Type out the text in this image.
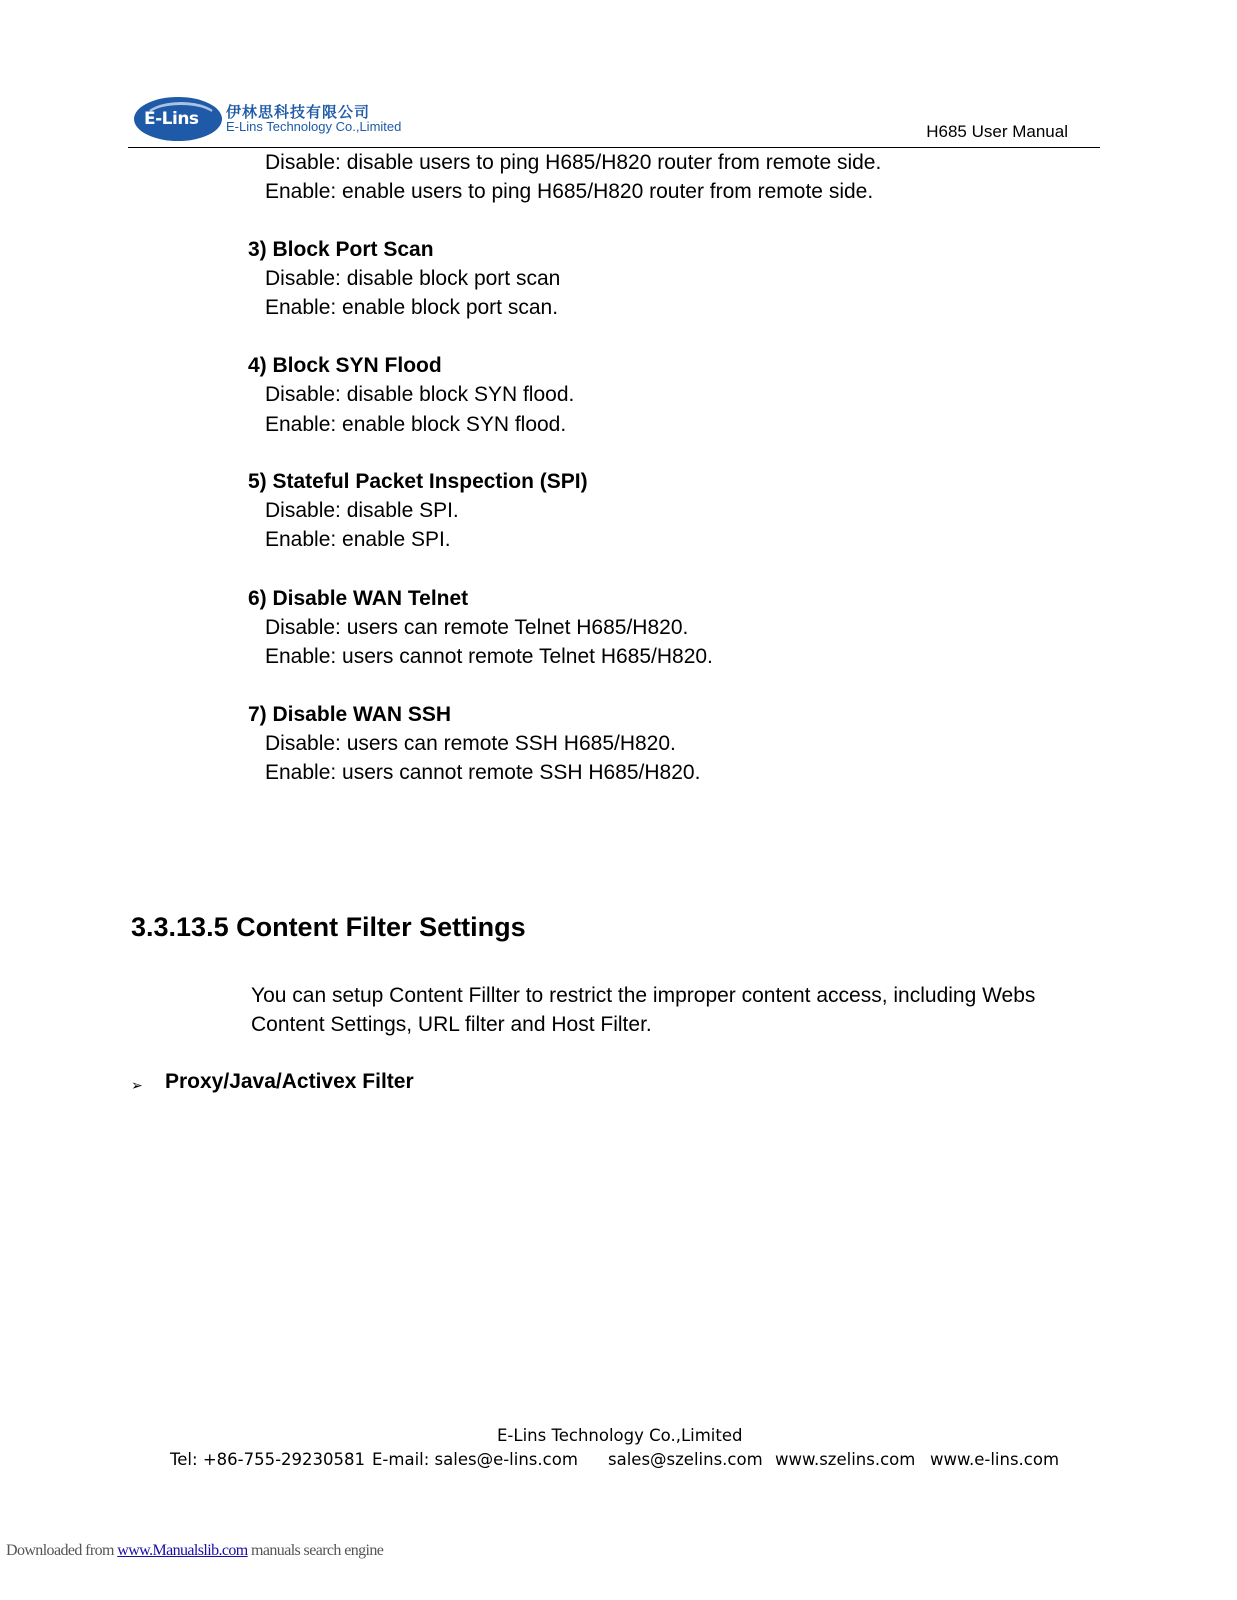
E-Lins 伊林思科技有限公司
E-Lins Technology Co.,Limited	H685 User Manual
Disable: disable users to ping H685/H820 router from remote side.
Enable: enable users to ping H685/H820 router from remote side.
3) Block Port Scan
Disable: disable block port scan
Enable: enable block port scan.
4) Block SYN Flood
Disable: disable block SYN flood.
Enable: enable block SYN flood.
5) Stateful Packet Inspection (SPI)
Disable: disable SPI.
Enable: enable SPI.
6) Disable WAN Telnet
Disable: users can remote Telnet H685/H820.
Enable: users cannot remote Telnet H685/H820.
7) Disable WAN SSH
Disable: users can remote SSH H685/H820.
Enable: users cannot remote SSH H685/H820.
3.3.13.5 Content Filter Settings
You can setup Content Fillter to restrict the improper content access, including Webs
Content Settings, URL filter and Host Filter.
➢ Proxy/Java/Activex Filter
E-Lins Technology Co.,Limited
Tel: +86-755-29230581 E-mail: sales@e-lins.com sales@szelins.com www.szelins.com www.e-lins.com
Downloaded from www.Manualslib.com manuals search engine
